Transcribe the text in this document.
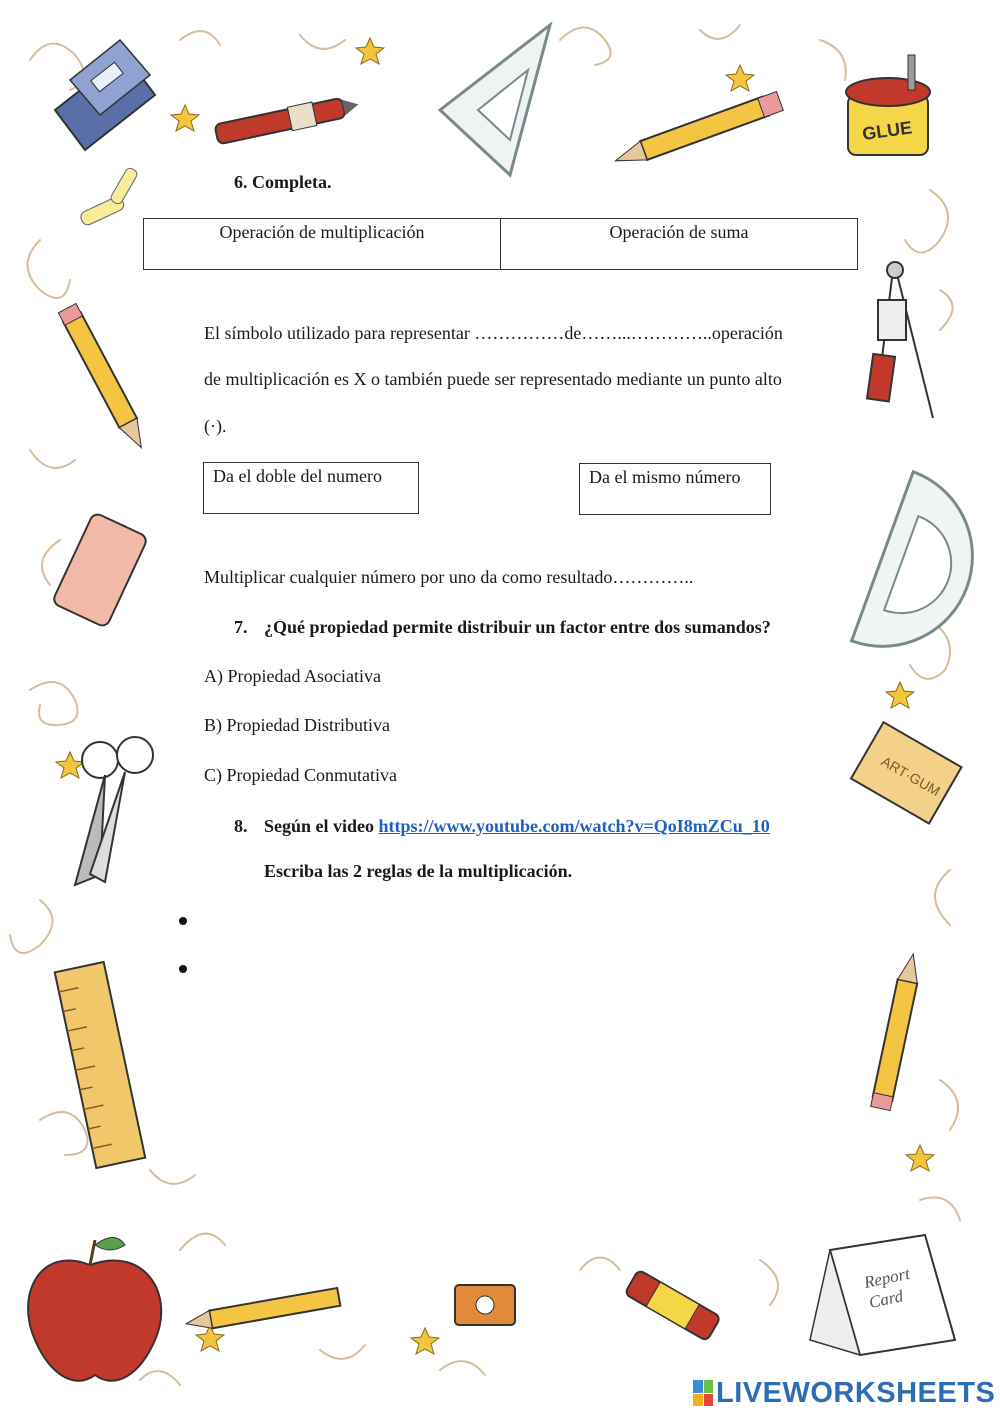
GLUE
ART·GUM
Report
Card
6. Completa.
Operación de multiplicación	Operación de suma
El símbolo utilizado para representar ……………de……...…………..operación
de multiplicación es X o también puede ser representado mediante un punto alto
(·).
Da el doble del numero	Da el mismo número
Multiplicar cualquier número por uno da como resultado…………..
7. ¿Qué propiedad permite distribuir un factor entre dos sumandos?
A) Propiedad Asociativa
B) Propiedad Distributiva
C) Propiedad Conmutativa
8. Según el video https://www.youtube.com/watch?v=QoI8mZCu_10
Escriba las 2 reglas de la multiplicación.
LIVEWORKSHEETS
